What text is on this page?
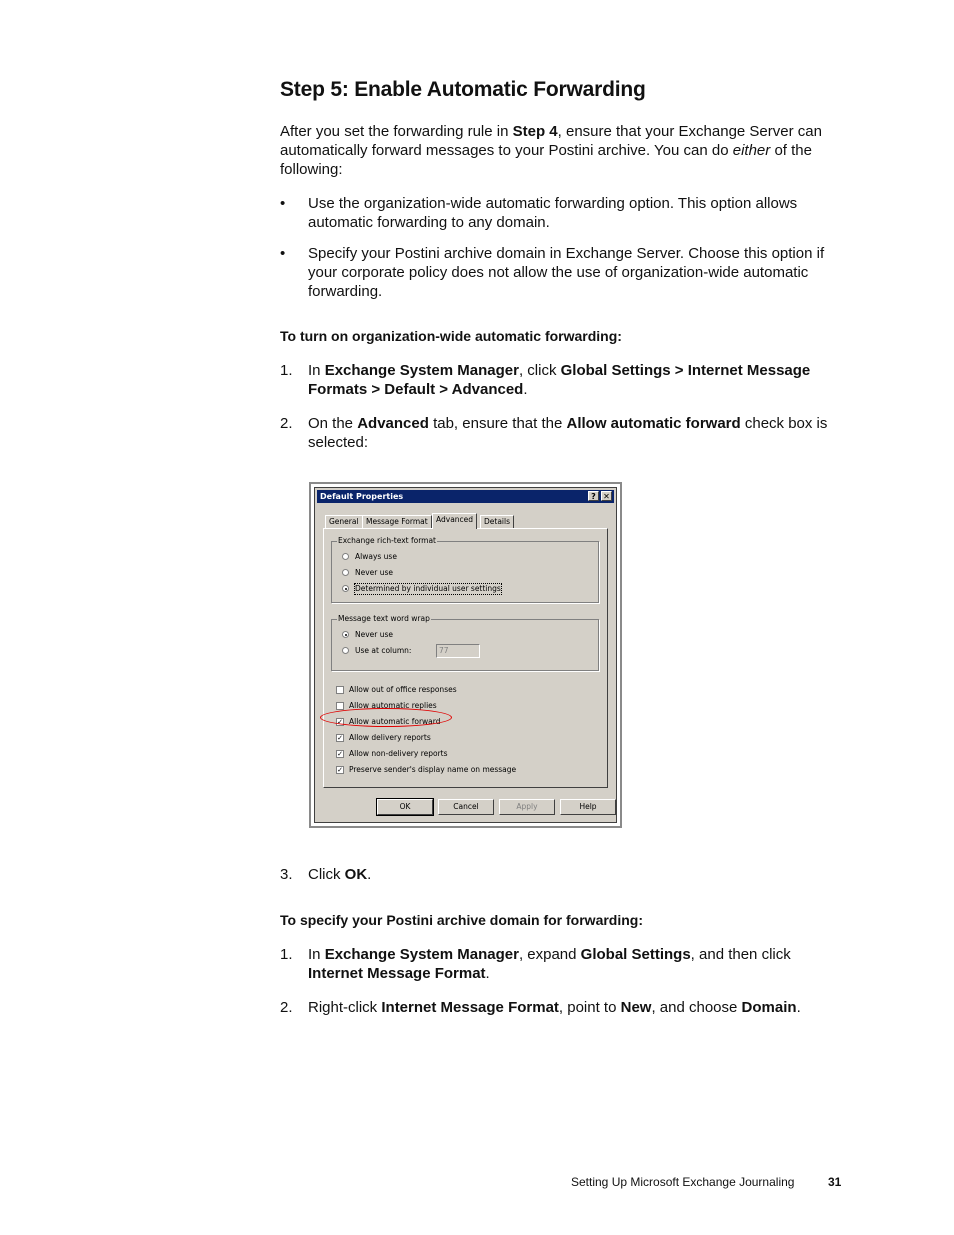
Step 5: Enable Automatic Forwarding

After you set the forwarding rule in Step 4, ensure that your Exchange Server can automatically forward messages to your Postini archive. You can do either of the following:

• Use the organization-wide automatic forwarding option. This option allows automatic forwarding to any domain.
• Specify your Postini archive domain in Exchange Server. Choose this option if your corporate policy does not allow the use of organization-wide automatic forwarding.
To turn on organization-wide automatic forwarding:
1. In Exchange System Manager, click Global Settings > Internet Message Formats > Default > Advanced.
2. On the Advanced tab, ensure that the Allow automatic forward check box is selected:
Default Properties	? ✕
General Message Format	Advanced	Details
Exchange rich-text format
Always use
Never use
Determined by individual user settings
Message text word wrap
Never use
Use at column:	77
Allow out of office responses
Allow automatic replies
✓ Allow automatic forward
✓ Allow delivery reports
✓ Allow non-delivery reports
✓ Preserve sender's display name on message
OK	Cancel	Apply	Help
3. Click OK.
To specify your Postini archive domain for forwarding:
1. In Exchange System Manager, expand Global Settings, and then click Internet Message Format.
2. Right-click Internet Message Format, point to New, and choose Domain.
Setting Up Microsoft Exchange Journaling	31
